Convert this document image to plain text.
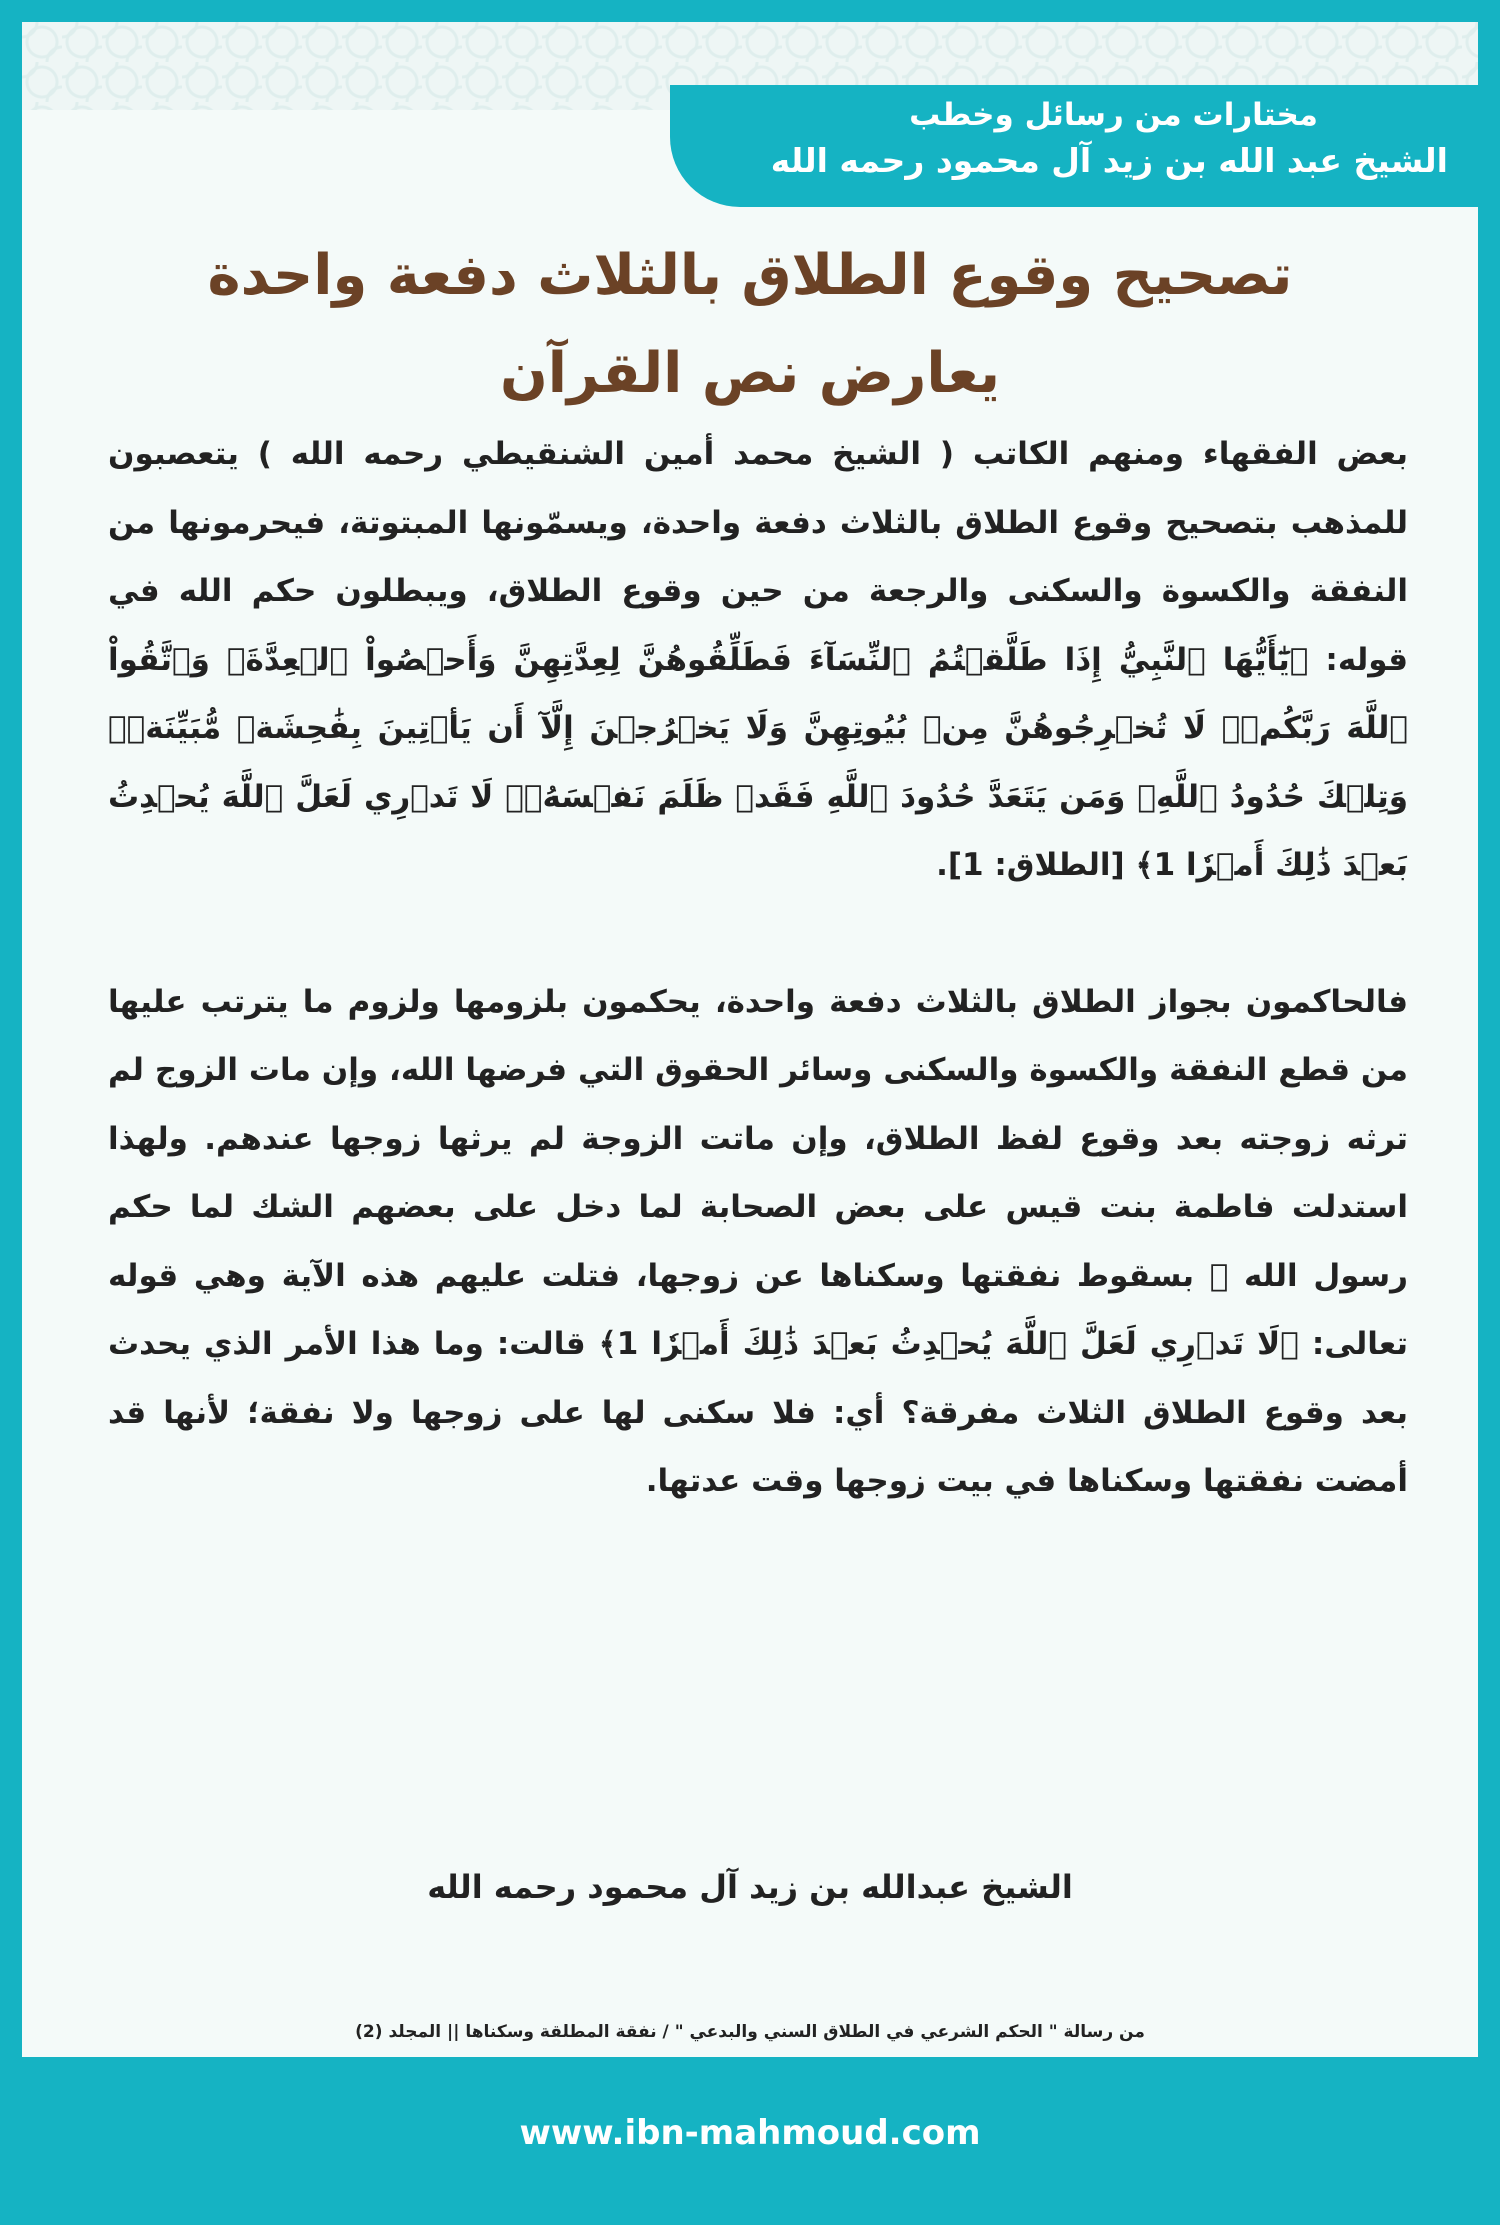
مختارات من رسائل وخطب
الشيخ عبد الله بن زيد آل محمود رحمه الله
تصحيح وقوع الطلاق بالثلاث دفعة واحدة
يعارض نص القرآن
بعض الفقهاء ومنهم الكاتب ( الشيخ محمد أمين الشنقيطي رحمه الله ) يتعصبون للمذهب بتصحيح وقوع الطلاق بالثلاث دفعة واحدة، ويسمّونها المبتوتة، فيحرمونها من النفقة والكسوة والسكنى والرجعة من حين وقوع الطلاق، ويبطلون حكم الله في قوله: ﴿يَٰٓأَيُّهَا ٱلنَّبِيُّ إِذَا طَلَّقۡتُمُ ٱلنِّسَآءَ فَطَلِّقُوهُنَّ لِعِدَّتِهِنَّ وَأَحۡصُواْ ٱلۡعِدَّةَۖ وَٱتَّقُواْ ٱللَّهَ رَبَّكُمۡۖ لَا تُخۡرِجُوهُنَّ مِنۢ بُيُوتِهِنَّ وَلَا يَخۡرُجۡنَ إِلَّآ أَن يَأۡتِينَ بِفَٰحِشَةٖ مُّبَيِّنَةٖۚ وَتِلۡكَ حُدُودُ ٱللَّهِۚ وَمَن يَتَعَدَّ حُدُودَ ٱللَّهِ فَقَدۡ ظَلَمَ نَفۡسَهُۥۚ لَا تَدۡرِي لَعَلَّ ٱللَّهَ يُحۡدِثُ بَعۡدَ ذَٰلِكَ أَمۡرٗا 1﴾ [الطلاق: 1].
فالحاكمون بجواز الطلاق بالثلاث دفعة واحدة، يحكمون بلزومها ولزوم ما يترتب عليها من قطع النفقة والكسوة والسكنى وسائر الحقوق التي فرضها الله، وإن مات الزوج لم ترثه زوجته بعد وقوع لفظ الطلاق، وإن ماتت الزوجة لم يرثها زوجها عندهم. ولهذا استدلت فاطمة بنت قيس على بعض الصحابة لما دخل على بعضهم الشك لما حكم رسول الله ﷺ بسقوط نفقتها وسكناها عن زوجها، فتلت عليهم هذه الآية وهي قوله تعالى: ﴿لَا تَدۡرِي لَعَلَّ ٱللَّهَ يُحۡدِثُ بَعۡدَ ذَٰلِكَ أَمۡرٗا 1﴾ قالت: وما هذا الأمر الذي يحدث بعد وقوع الطلاق الثلاث مفرقة؟ أي: فلا سكنى لها على زوجها ولا نفقة؛ لأنها قد أمضت نفقتها وسكناها في بيت زوجها وقت عدتها.
الشيخ عبدالله بن زيد آل محمود رحمه الله
من رسالة " الحكم الشرعي في الطلاق السني والبدعي " / نفقة المطلقة وسكناها || المجلد (2)
www.ibn-mahmoud.com
